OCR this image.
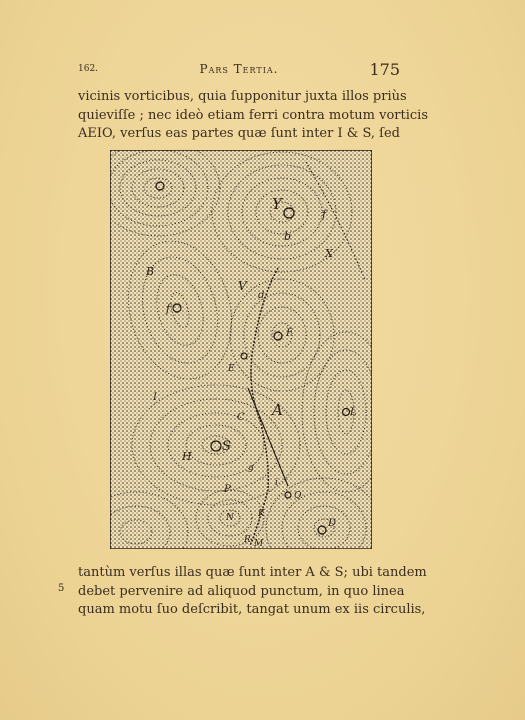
162.	Pars Tertia.	175
vicinis vorticibus, quia ſupponitur juxta illos priùs
quieviſſe ; nec ideò etiam ferri contra motum vorticis
AEIO, verſus eas partes quæ ſunt inter I & S, ſed
Y
f
b
X
B
f
V
d
F
E
C A
I
L
H
S
g
P
N
i
Q
K
D
R M
5
tantùm verſus illas quæ ſunt inter A & S; ubi tandem
debet pervenire ad aliquod punctum, in quo linea
quam motu ſuo deſcribit, tangat unum ex iis circulis,
